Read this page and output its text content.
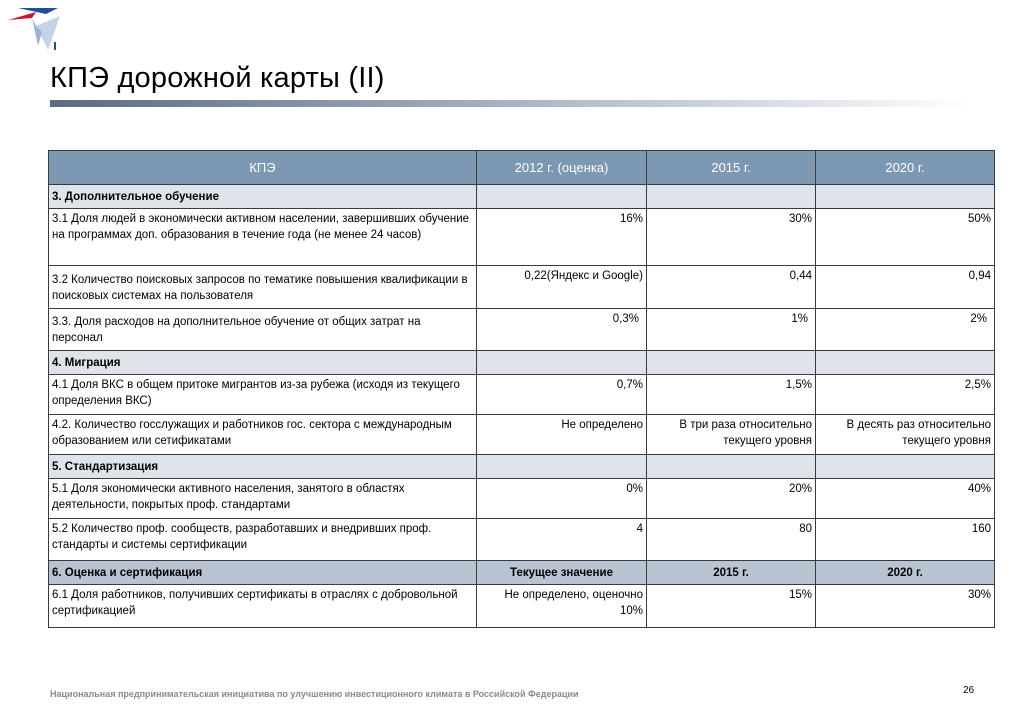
КПЭ дорожной карты (II)
КПЭ	2012 г. (оценка)	2015 г.	2020 г.
3. Дополнительное обучение			
3.1 Доля людей в экономически активном населении, завершивших обучение на программах доп. образования в течение года (не менее 24 часов)	16%	30%	50%
3.2 Количество поисковых запросов по тематике повышения квалификации в поисковых системах на пользователя	0,22(Яндекс и Google)	0,44	0,94
3.3. Доля расходов на дополнительное обучение от общих затрат на персонал	0,3%	1%	2%
4. Миграция			
4.1 Доля ВКС в общем притоке мигрантов из-за рубежа (исходя из текущего определения ВКС)	0,7%	1,5%	2,5%
4.2. Количество госслужащих и работников гос. сектора с международным образованием или сетификатами	Не определено	В три раза относительно текущего уровня	В десять раз относительно текущего уровня
5. Стандартизация			
5.1 Доля экономически активного населения, занятого в областях деятельности, покрытых проф. стандартами	0%	20%	40%
5.2 Количество проф. сообществ, разработавших и внедривших проф. стандарты и системы сертификации	4	80	160
6. Оценка и сертификация	Текущее значение	2015 г.	2020 г.
6.1 Доля работников, получивших сертификаты в отраслях с добровольной сертификацией	Не определено, оценочно 10%	15%	30%
26
Национальная предпринимательская инициатива по улучшению инвестиционного климата в Российской Федерации
